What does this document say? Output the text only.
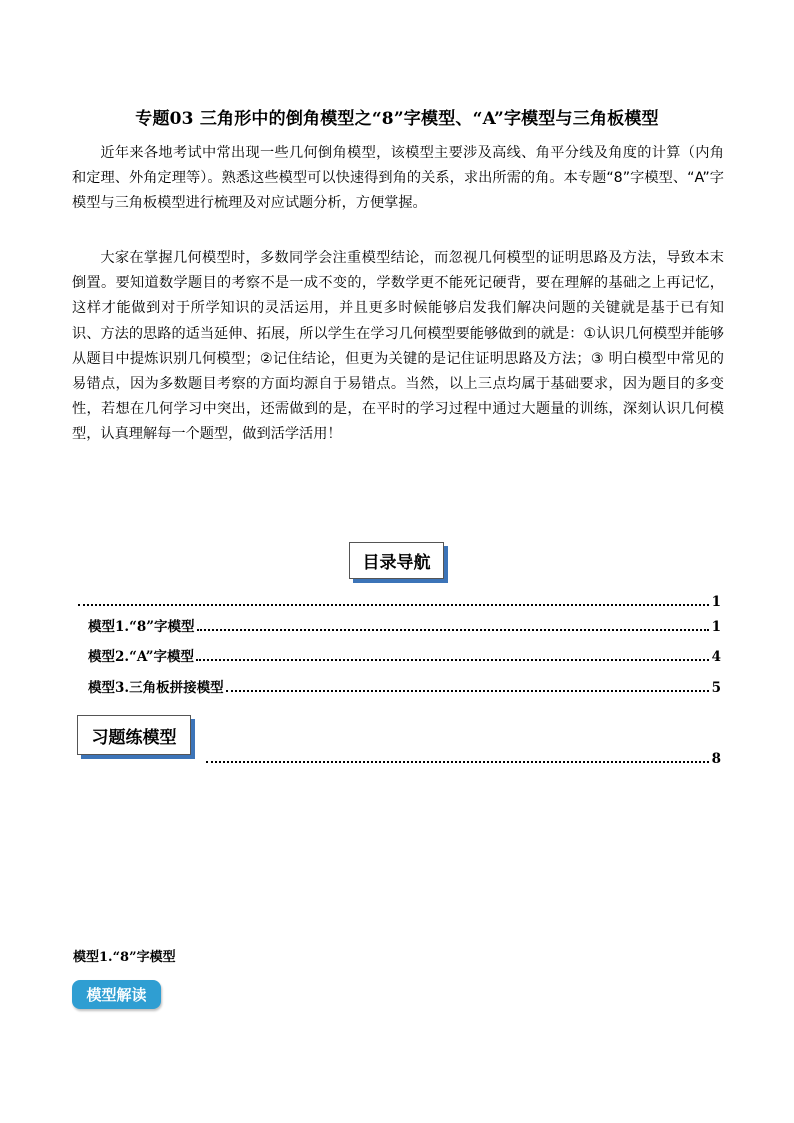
专题03 三角形中的倒角模型之“8”字模型、“A”字模型与三角板模型

近年来各地考试中常出现一些几何倒角模型，该模型主要涉及高线、角平分线及角度的计算（内角和定理、外角定理等）。熟悉这些模型可以快速得到角的关系，求出所需的角。本专题“8”字模型、“A”字模型与三角板模型进行梳理及对应试题分析，方便掌握。

大家在掌握几何模型时，多数同学会注重模型结论，而忽视几何模型的证明思路及方法，导致本末倒置。要知道数学题目的考察不是一成不变的，学数学更不能死记硬背，要在理解的基础之上再记忆，这样才能做到对于所学知识的灵活运用，并且更多时候能够启发我们解决问题的关键就是基于已有知识、方法的思路的适当延伸、拓展，所以学生在学习几何模型要能够做到的就是：①认识几何模型并能够从题目中提炼识别几何模型；②记住结论，但更为关键的是记住证明思路及方法；③ 明白模型中常见的易错点，因为多数题目考察的方面均源自于易错点。当然，以上三点均属于基础要求，因为题目的多变性，若想在几何学习中突出，还需做到的是，在平时的学习过程中通过大题量的训练，深刻认识几何模型，认真理解每一个题型，做到活学活用！

目录导航
1
模型1.“8”字模型	1
模型2.“A”字模型	4
模型3.三角板拼接模型	5
习题练模型
8
模型1.“8”字模型
模型解读
